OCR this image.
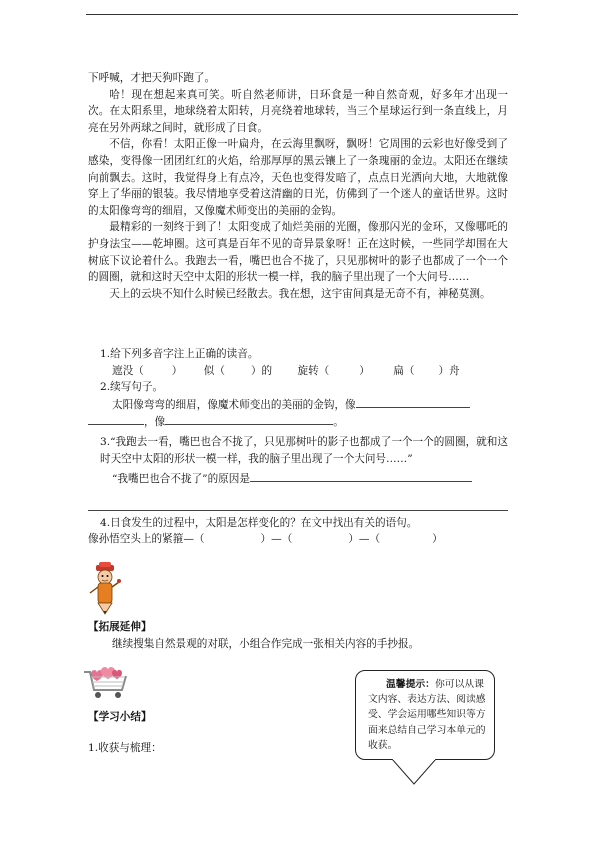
下呼喊，才把天狗吓跑了。

哈！现在想起来真可笑。听自然老师讲，日环食是一种自然奇观，好多年才出现一次。在太阳系里，地球绕着太阳转，月亮绕着地球转，当三个星球运行到一条直线上，月亮在另外两球之间时，就形成了日食。

不信，你看！太阳正像一叶扁舟，在云海里飘呀，飘呀！它周围的云彩也好像受到了感染，变得像一团团红红的火焰，给那厚厚的黑云镶上了一条瑰丽的金边。太阳还在继续向前飘去。这时，我觉得身上有点冷，天色也变得发暗了，点点日光洒向大地，大地就像穿上了华丽的银装。我尽情地享受着这清幽的日光，仿佛到了一个迷人的童话世界。这时的太阳像弯弯的细眉，又像魔术师变出的美丽的金钩。

最精彩的一刻终于到了！太阳变成了灿烂美丽的光圈，像那闪光的金环，又像哪吒的护身法宝——乾坤圈。这可真是百年不见的奇异景象呀！正在这时候，一些同学却围在大树底下议论着什么。我跑去一看，嘴巴也合不拢了，只见那树叶的影子也都成了一个一个的圆圈，就和这时天空中太阳的形状一模一样，我的脑子里出现了一个大问号……

天上的云块不知什么时候已经散去。我在想，这宇宙间真是无奇不有，神秘莫测。

1.给下列多音字注上正确的读音。

遮没（	） 似（ ）的 旋转（	） 扁（ ）舟

2.续写句子。

太阳像弯弯的细眉，像魔术师变出的美丽的金钩，像

，像	。

3.“我跑去一看，嘴巴也合不拢了，只见那树叶的影子也都成了一个一个的圆圈，就和这时天空中太阳的形状一模一样，我的脑子里出现了一个大问号……”

“我嘴巴也合不拢了”的原因是

4.日食发生的过程中，太阳是怎样变化的？在文中找出有关的语句。

像孙悟空头上的紧箍—（	）—（	）—（	）

【拓展延伸】

继续搜集自然景观的对联，小组合作完成一张相关内容的手抄报。

【学习小结】

1.收获与梳理：

温馨提示：你可以从课文内容、表达方法、阅读感受、学会运用哪些知识等方面来总结自己学习本单元的收获。
